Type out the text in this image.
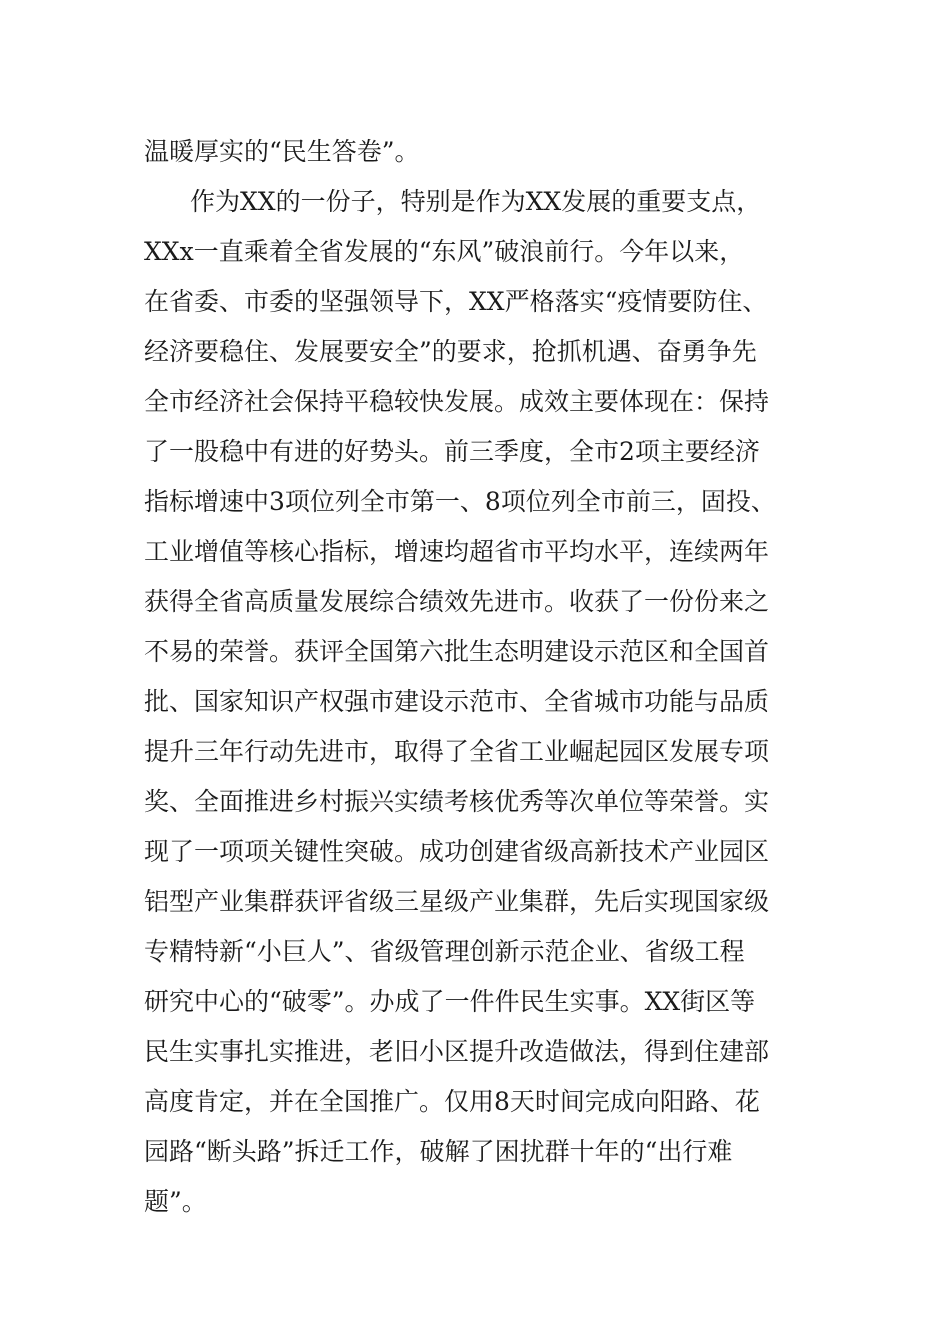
温暖厚实的“民生答卷”。
作为XX的一份子，特别是作为XX发展的重要支点，
XXx一直乘着全省发展的“东风”破浪前行。今年以来，
在省委、市委的坚强领导下，XX严格落实“疫情要防住、
经济要稳住、发展要安全”的要求，抢抓机遇、奋勇争先
全市经济社会保持平稳较快发展。成效主要体现在：保持
了一股稳中有进的好势头。前三季度，全市2项主要经济
指标增速中3项位列全市第一、8项位列全市前三，固投、
工业增值等核心指标，增速均超省市平均水平，连续两年
获得全省高质量发展综合绩效先进市。收获了一份份来之
不易的荣誉。获评全国第六批生态明建设示范区和全国首
批、国家知识产权强市建设示范市、全省城市功能与品质
提升三年行动先进市，取得了全省工业崛起园区发展专项
奖、全面推进乡村振兴实绩考核优秀等次单位等荣誉。实
现了一项项关键性突破。成功创建省级高新技术产业园区
铝型产业集群获评省级三星级产业集群，先后实现国家级
专精特新“小巨人”、省级管理创新示范企业、省级工程
研究中心的“破零”。办成了一件件民生实事。XX街区等
民生实事扎实推进，老旧小区提升改造做法，得到住建部
高度肯定，并在全国推广。仅用8天时间完成向阳路、花
园路“断头路”拆迁工作，破解了困扰群十年的“出行难
题”。
